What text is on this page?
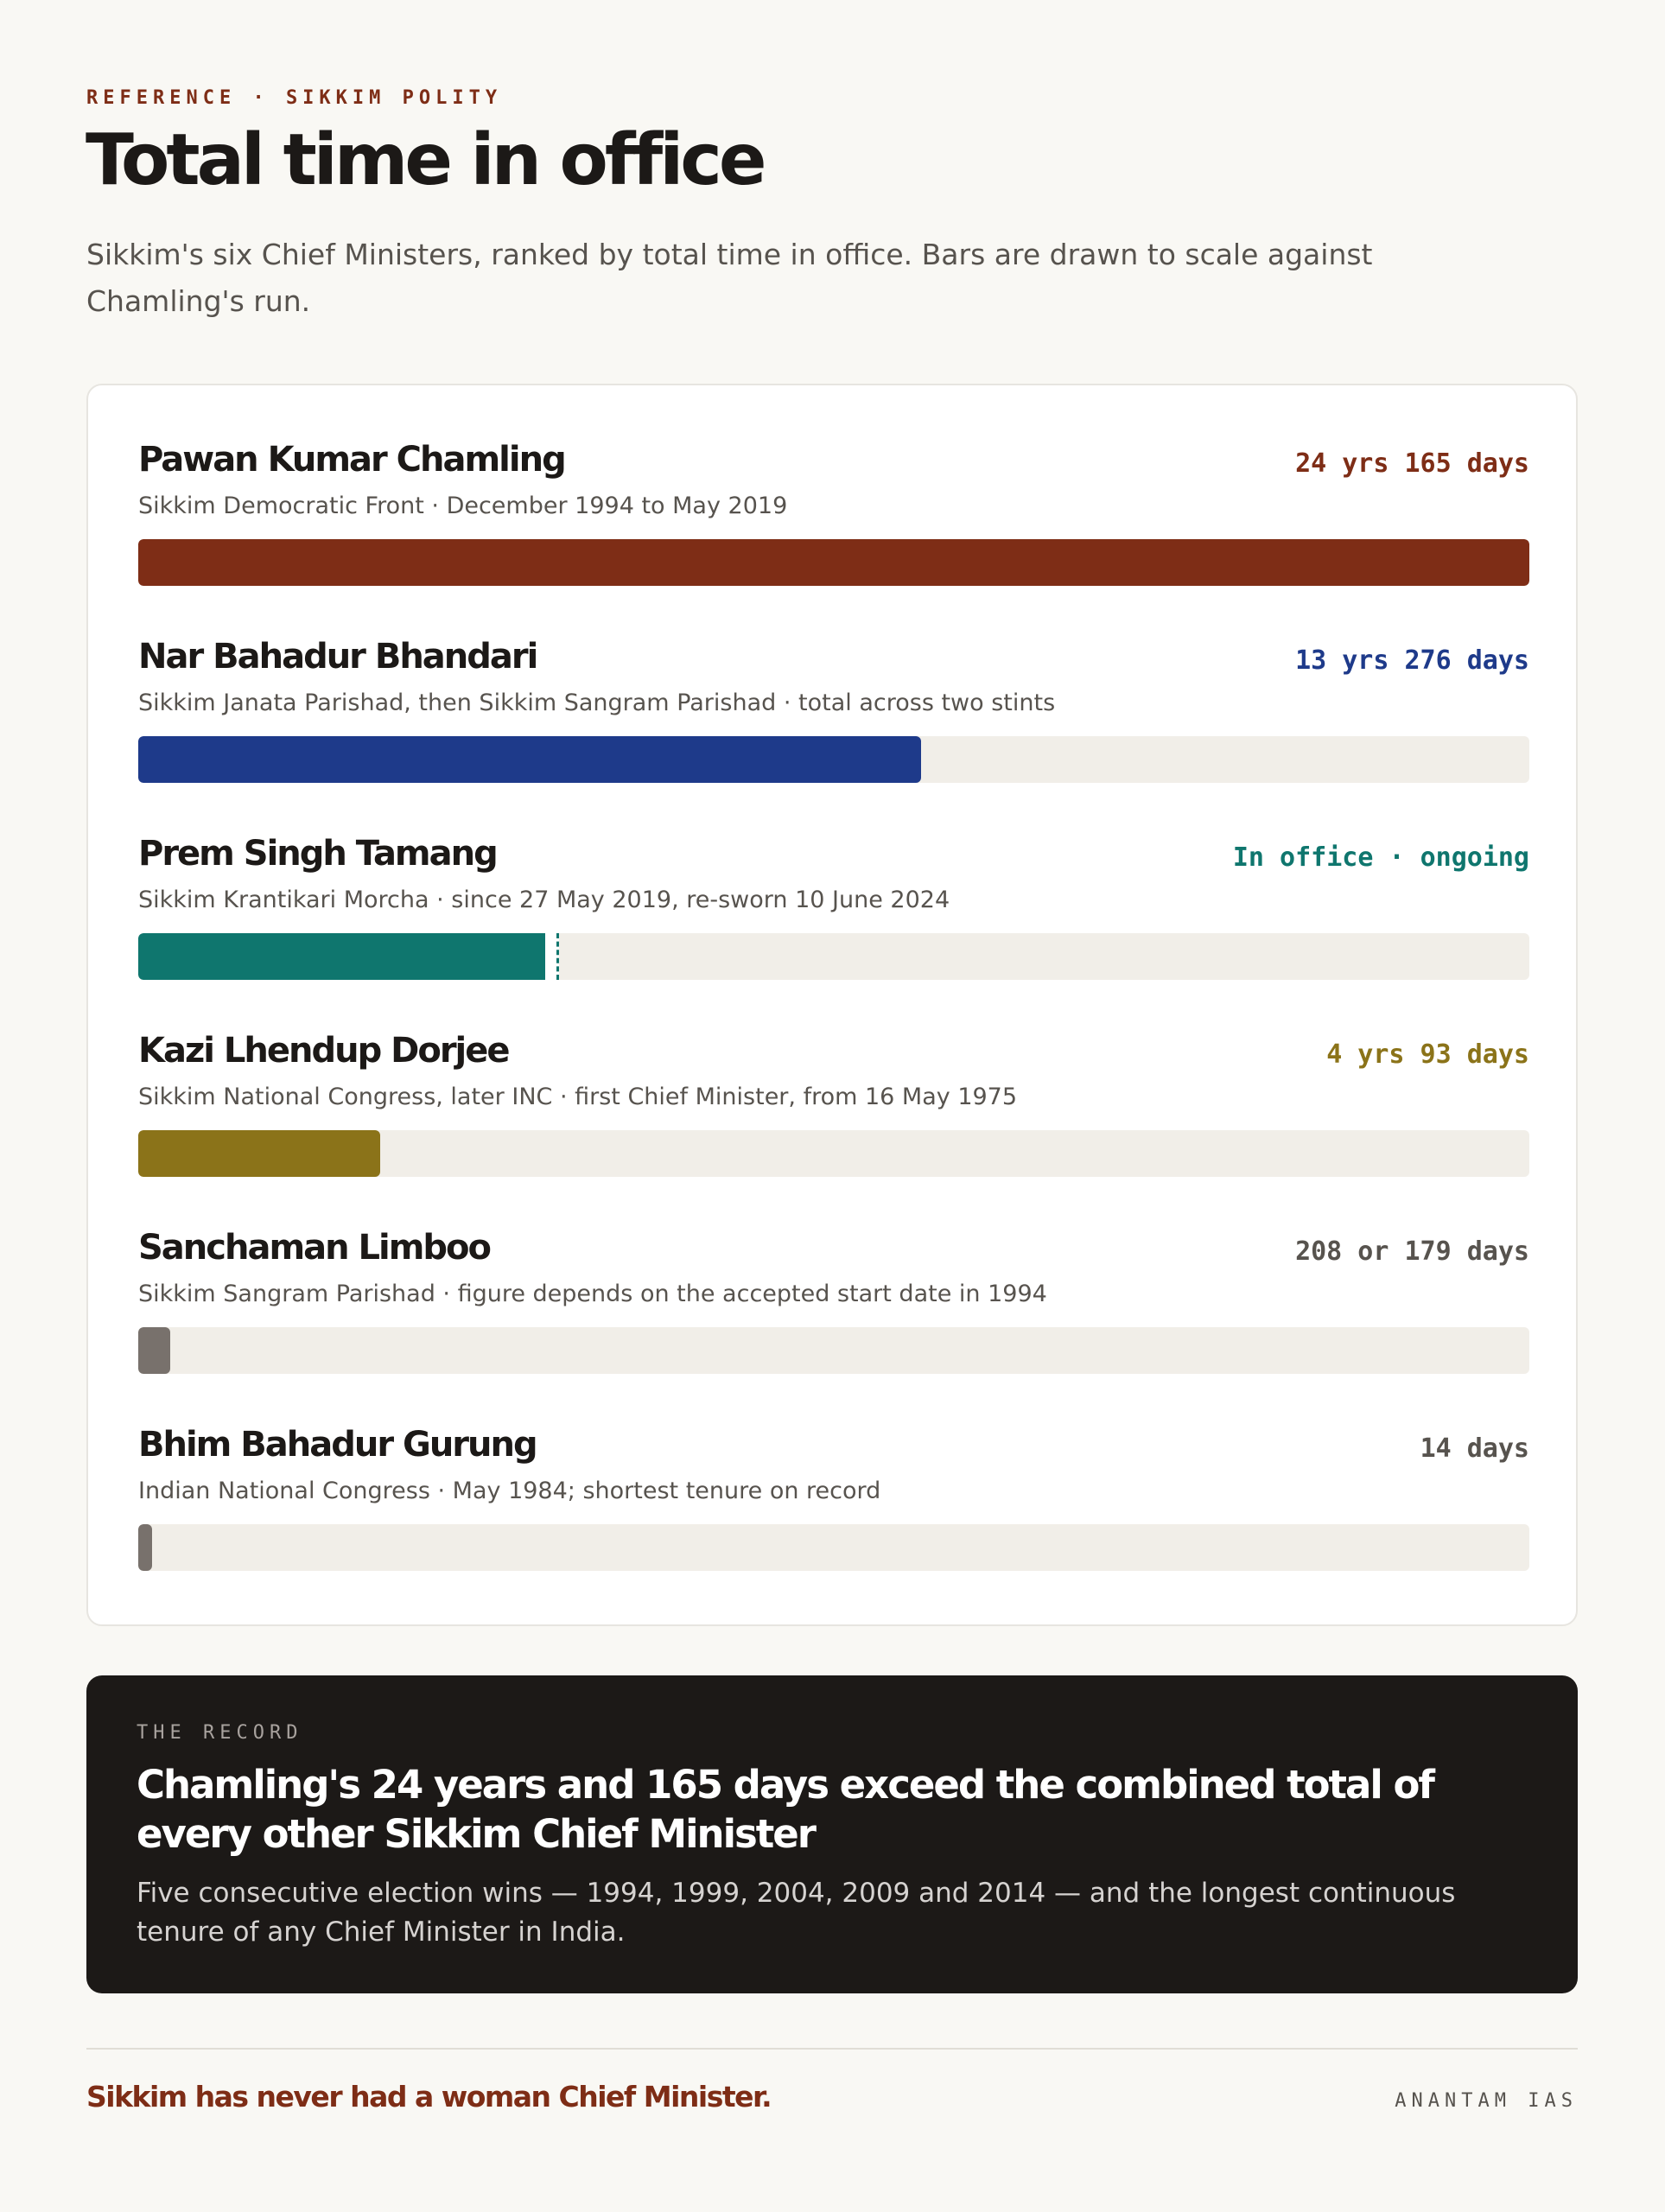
REFERENCE · SIKKIM POLITY
Total time in office
Sikkim's six Chief Ministers, ranked by total time in office. Bars are drawn to scale against Chamling's run.
Pawan Kumar Chamling	24 yrs 165 days
Sikkim Democratic Front · December 1994 to May 2019
Nar Bahadur Bhandari	13 yrs 276 days
Sikkim Janata Parishad, then Sikkim Sangram Parishad · total across two stints
Prem Singh Tamang	In office · ongoing
Sikkim Krantikari Morcha · since 27 May 2019, re-sworn 10 June 2024
Kazi Lhendup Dorjee	4 yrs 93 days
Sikkim National Congress, later INC · first Chief Minister, from 16 May 1975
Sanchaman Limboo	208 or 179 days
Sikkim Sangram Parishad · figure depends on the accepted start date in 1994
Bhim Bahadur Gurung	14 days
Indian National Congress · May 1984; shortest tenure on record
THE RECORD
Chamling's 24 years and 165 days exceed the combined total of every other Sikkim Chief Minister
Five consecutive election wins — 1994, 1999, 2004, 2009 and 2014 — and the longest continuous tenure of any Chief Minister in India.
Sikkim has never had a woman Chief Minister.	ANANTAM IAS
